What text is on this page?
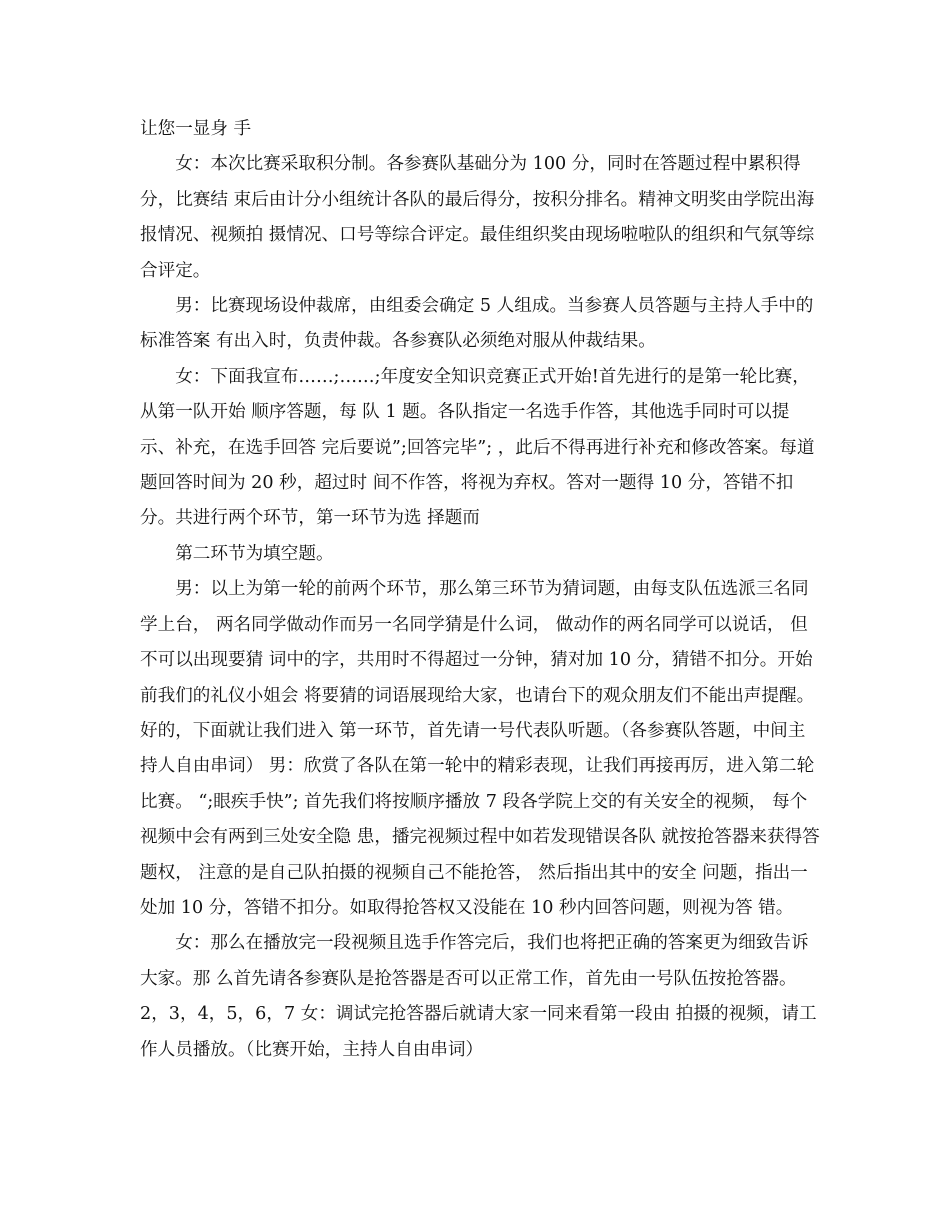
让您一显身 手

女：本次比赛采取积分制。各参赛队基础分为 100 分，同时在答题过程中累积得分，比赛结 束后由计分小组统计各队的最后得分，按积分排名。精神文明奖由学院出海报情况、视频拍 摄情况、口号等综合评定。最佳组织奖由现场啦啦队的组织和气氛等综合评定。

男：比赛现场设仲裁席，由组委会确定 5 人组成。当参赛人员答题与主持人手中的标准答案 有出入时，负责仲裁。各参赛队必须绝对服从仲裁结果。

女：下面我宣布……;……;年度安全知识竞赛正式开始!首先进行的是第一轮比赛，从第一队开始 顺序答题，每 队 1 题。各队指定一名选手作答，其他选手同时可以提示、补充，在选手回答 完后要说”;回答完毕”; ，此后不得再进行补充和修改答案。每道题回答时间为 20 秒，超过时 间不作答，将视为弃权。答对一题得 10 分，答错不扣分。共进行两个环节，第一环节为选 择题而

第二环节为填空题。

男：以上为第一轮的前两个环节，那么第三环节为猜词题，由每支队伍选派三名同学上台， 两名同学做动作而另一名同学猜是什么词， 做动作的两名同学可以说话， 但不可以出现要猜 词中的字，共用时不得超过一分钟，猜对加 10 分，猜错不扣分。开始前我们的礼仪小姐会 将要猜的词语展现给大家，也请台下的观众朋友们不能出声提醒。好的，下面就让我们进入 第一环节，首先请一号代表队听题。（各参赛队答题，中间主持人自由串词） 男：欣赏了各队在第一轮中的精彩表现，让我们再接再厉，进入第二轮比赛。 “;眼疾手快”; 首先我们将按顺序播放 7 段各学院上交的有关安全的视频， 每个视频中会有两到三处安全隐 患，播完视频过程中如若发现错误各队 就按抢答器来获得答题权， 注意的是自己队拍摄的视频自己不能抢答， 然后指出其中的安全 问题，指出一处加 10 分，答错不扣分。如取得抢答权又没能在 10 秒内回答问题，则视为答 错。

女：那么在播放完一段视频且选手作答完后，我们也将把正确的答案更为细致告诉大家。那 么首先请各参赛队是抢答器是否可以正常工作，首先由一号队伍按抢答器。 2，3，4，5，6，7 女：调试完抢答器后就请大家一同来看第一段由 拍摄的视频，请工作人员播放。（比赛开始，主持人自由串词）
